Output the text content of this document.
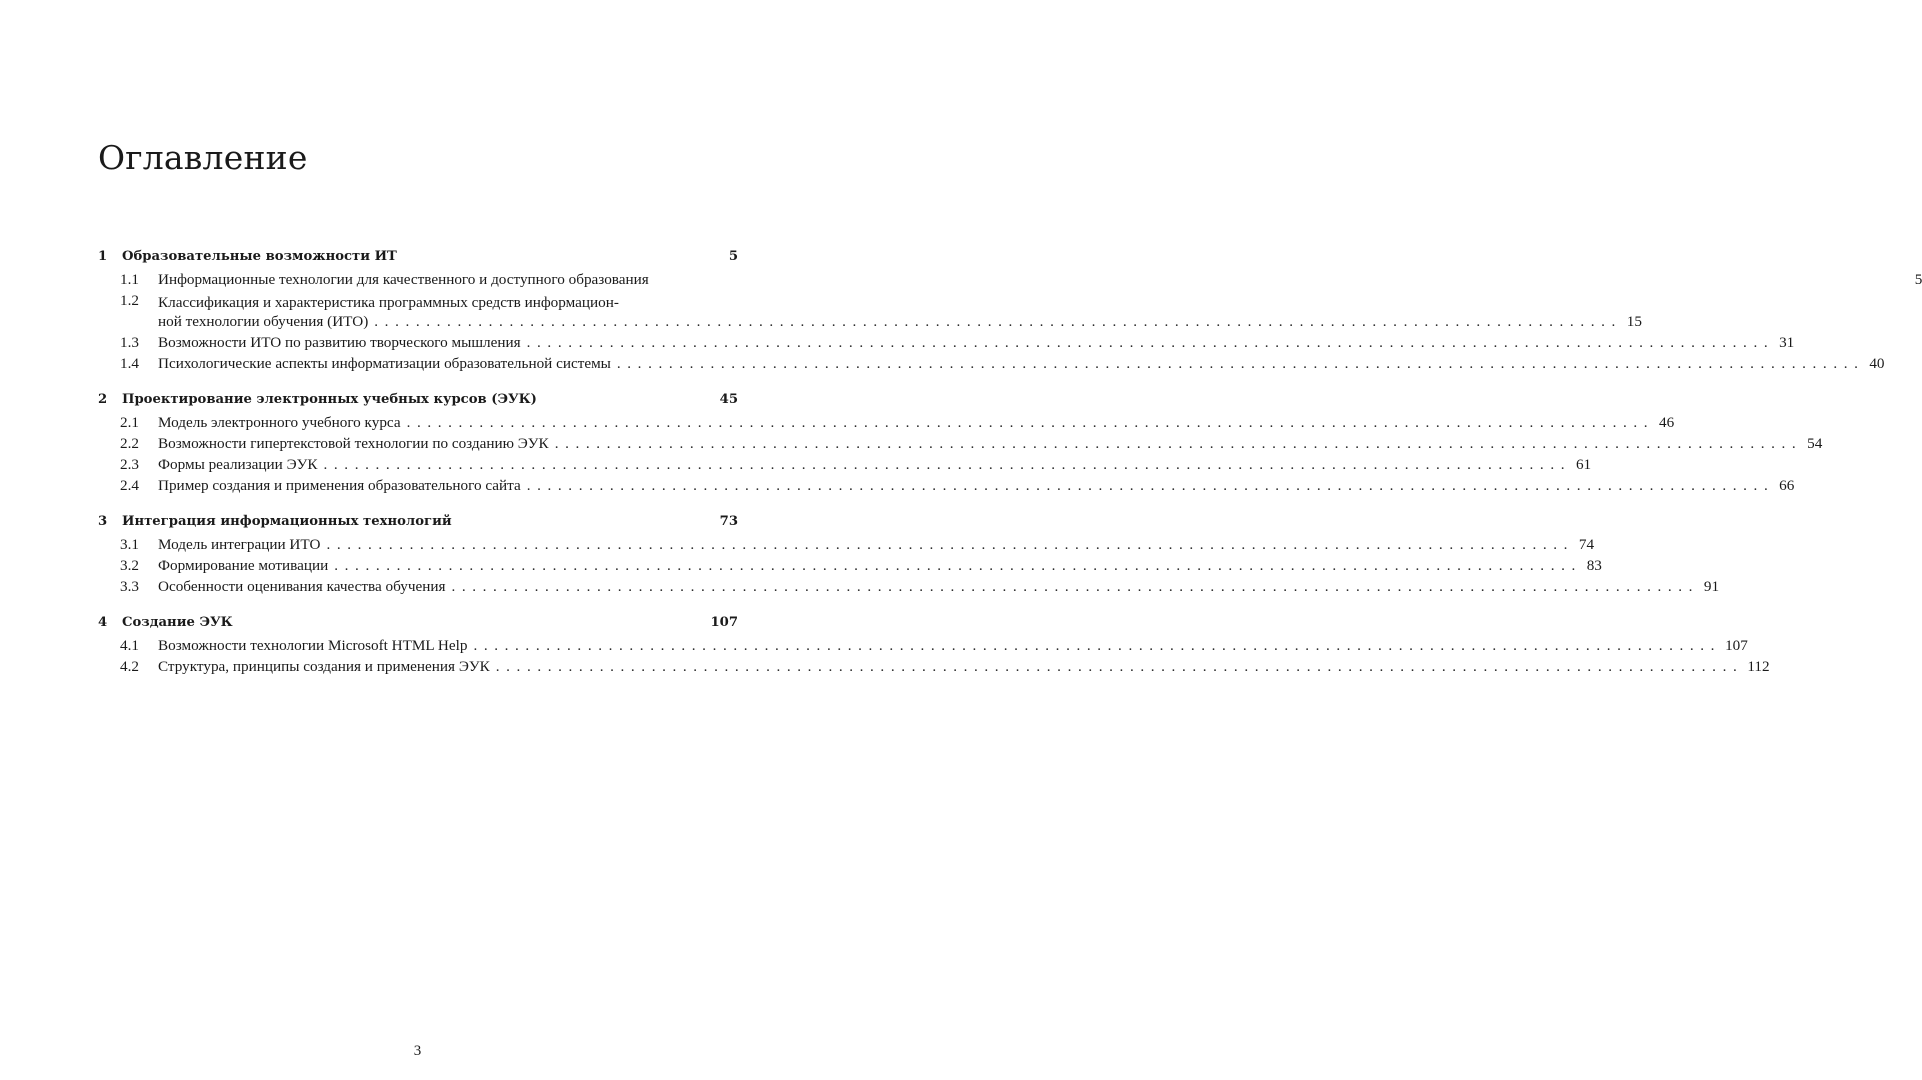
Оглавление
1	Образовательные возможности ИТ	5
1.1	Информационные технологии для качественного и доступного образования	5
1.2	Классификация и характеристика программных средств информацион-
ной технологии обучения (ИТО) ........................................................................................................................ 15
1.3	Возможности ИТО по развитию творческого мышления ........................................................................................................................ 31
1.4	Психологические аспекты информатизации образовательной системы ........................................................................................................................ 40
2	Проектирование электронных учебных курсов (ЭУК)	45
2.1	Модель электронного учебного курса ........................................................................................................................ 46
2.2	Возможности гипертекстовой технологии по созданию ЭУК ........................................................................................................................ 54
2.3	Формы реализации ЭУК ........................................................................................................................ 61
2.4	Пример создания и применения образовательного сайта ........................................................................................................................ 66
3	Интеграция информационных технологий	73
3.1	Модель интеграции ИТО ........................................................................................................................ 74
3.2	Формирование мотивации ........................................................................................................................ 83
3.3	Особенности оценивания качества обучения ........................................................................................................................ 91
4	Создание ЭУК	107
4.1	Возможности технологии Microsoft HTML Help ........................................................................................................................ 107
4.2	Структура, принципы создания и применения ЭУК ........................................................................................................................ 112
3
